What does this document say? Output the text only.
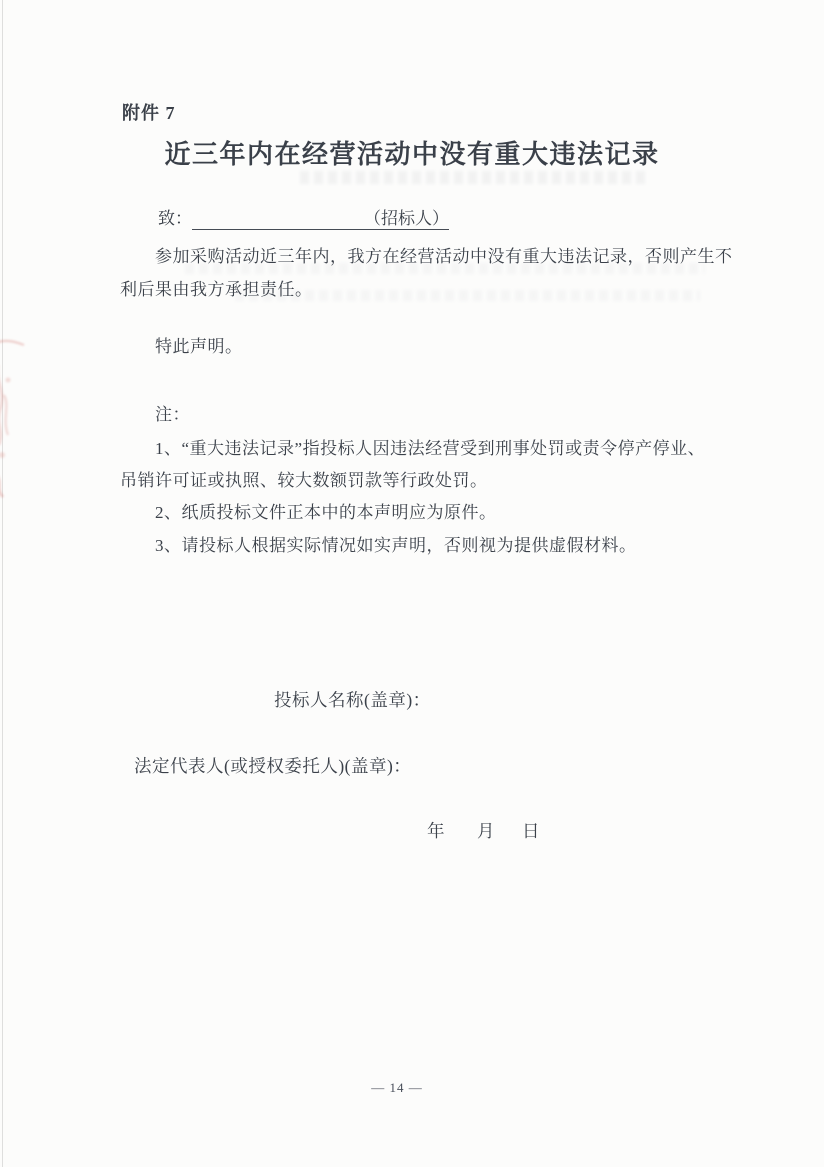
附件 7
近三年内在经营活动中没有重大违法记录
致：	（招标人）
参加采购活动近三年内，我方在经营活动中没有重大违法记录，否则产生不
利后果由我方承担责任。
特此声明。
注：
1、“重大违法记录”指投标人因违法经营受到刑事处罚或责令停产停业、
吊销许可证或执照、较大数额罚款等行政处罚。
2、纸质投标文件正本中的本声明应为原件。
3、请投标人根据实际情况如实声明，否则视为提供虚假材料。
投标人名称(盖章)：
法定代表人(或授权委托人)(盖章)：
年 月 日
— 14 —
